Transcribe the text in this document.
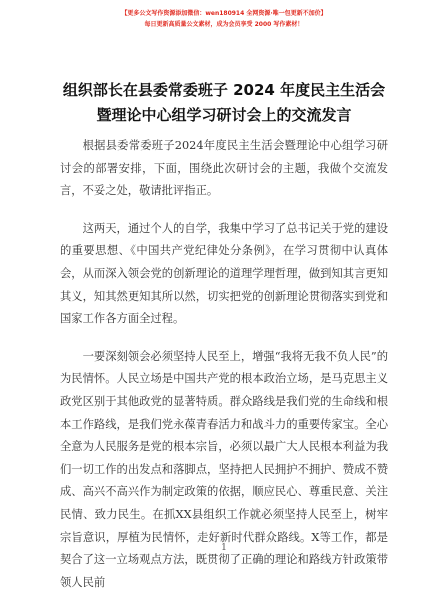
【更多公文写作资源添加微信：wen180914 全网资源·唯一包更新不加价】
每日更新高质量公文素材，成为会员享受 2000 写作素材！
组织部长在县委常委班子 2024 年度民主生活会
暨理论中心组学习研讨会上的交流发言

根据县委常委班子2024年度民主生活会暨理论中心组学习研讨会的部署安排，下面，围绕此次研讨会的主题，我做个交流发言，不妥之处，敬请批评指正。

这两天，通过个人的自学，我集中学习了总书记关于党的建设的重要思想、《中国共产党纪律处分条例》，在学习贯彻中认真体会，从而深入领会党的创新理论的道理学理哲理，做到知其言更知其义，知其然更知其所以然，切实把党的创新理论贯彻落实到党和国家工作各方面全过程。

一要深刻领会必须坚持人民至上，增强“我将无我不负人民”的为民情怀。人民立场是中国共产党的根本政治立场，是马克思主义政党区别于其他政党的显著特质。群众路线是我们党的生命线和根本工作路线，是我们党永葆青春活力和战斗力的重要传家宝。全心全意为人民服务是党的根本宗旨，必须以最广大人民根本利益为我们一切工作的出发点和落脚点，坚持把人民拥护不拥护、赞成不赞成、高兴不高兴作为制定政策的依据，顺应民心、尊重民意、关注民情、致力民生。在抓XX县组织工作就必须坚持人民至上，树牢宗旨意识，厚植为民情怀，走好新时代群众路线。X等工作，都是契合了这一立场观点方法，既贯彻了正确的理论和路线方针政策带领人民前

1
